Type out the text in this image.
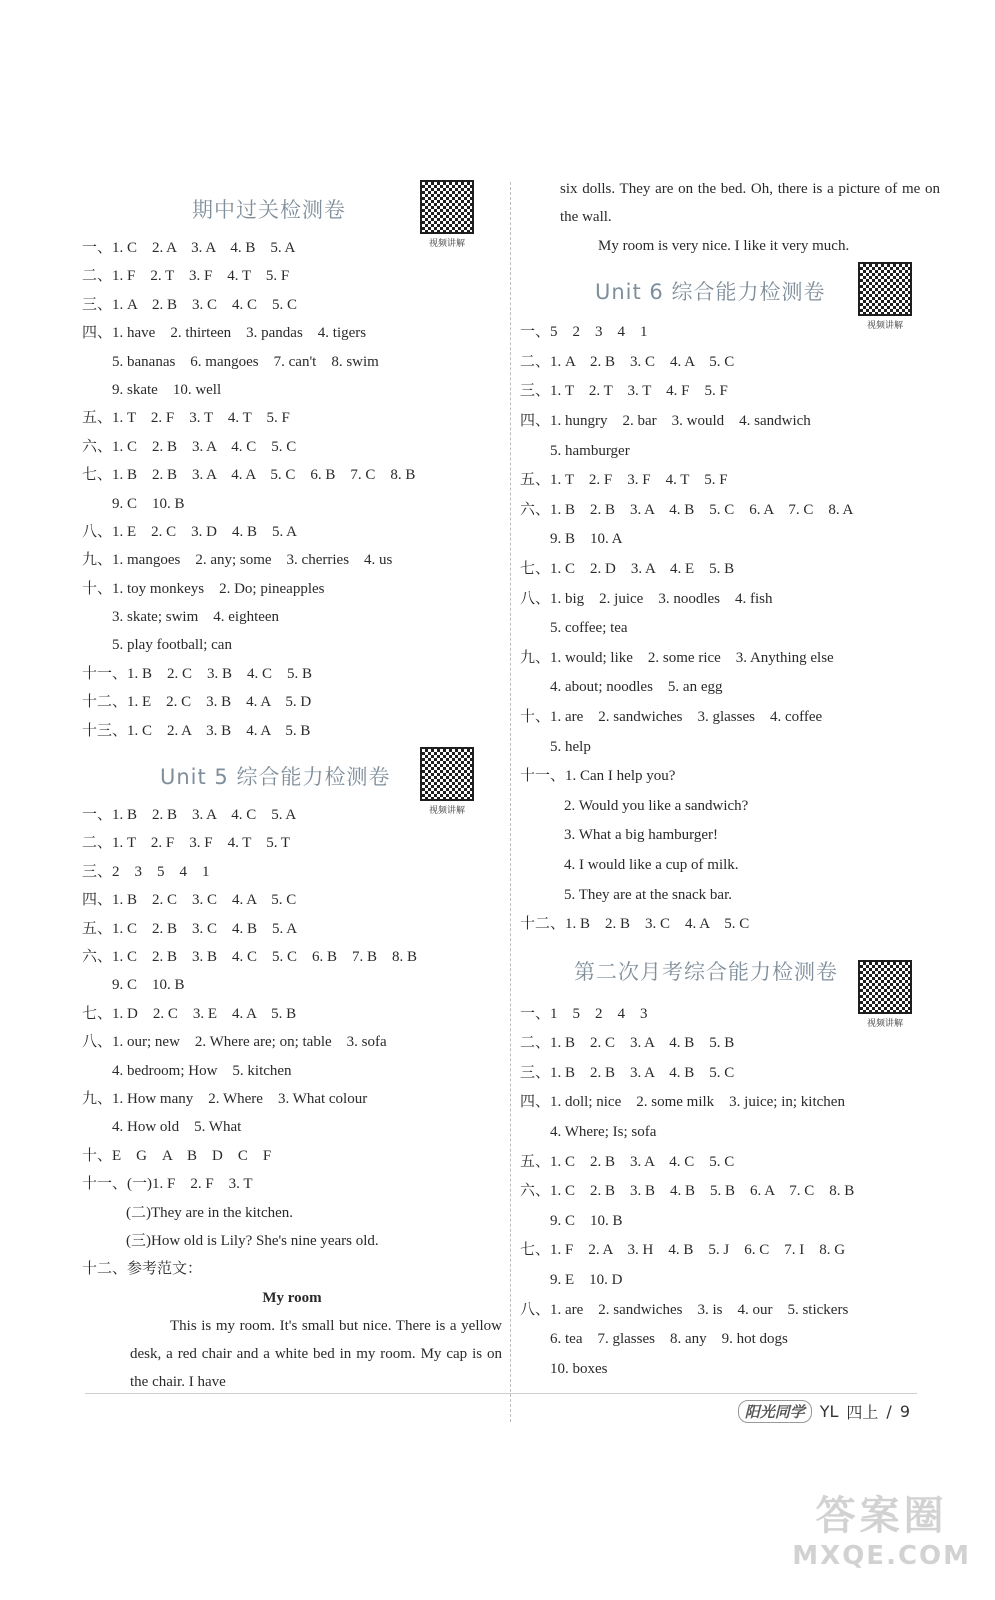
期中过关检测卷
视频讲解
一、1. C　2. A　3. A　4. B　5. A
二、1. F　2. T　3. F　4. T　5. F
三、1. A　2. B　3. C　4. C　5. C
四、1. have　2. thirteen　3. pandas　4. tigers
5. bananas　6. mangoes　7. can't　8. swim
9. skate　10. well
五、1. T　2. F　3. T　4. T　5. F
六、1. C　2. B　3. A　4. C　5. C
七、1. B　2. B　3. A　4. A　5. C　6. B　7. C　8. B
9. C　10. B
八、1. E　2. C　3. D　4. B　5. A
九、1. mangoes　2. any; some　3. cherries　4. us
十、1. toy monkeys　2. Do; pineapples
3. skate; swim　4. eighteen
5. play football; can
十一、1. B　2. C　3. B　4. C　5. B
十二、1. E　2. C　3. B　4. A　5. D
十三、1. C　2. A　3. B　4. A　5. B
Unit 5 综合能力检测卷
视频讲解
一、1. B　2. B　3. A　4. C　5. A
二、1. T　2. F　3. F　4. T　5. T
三、2　3　5　4　1
四、1. B　2. C　3. C　4. A　5. C
五、1. C　2. B　3. C　4. B　5. A
六、1. C　2. B　3. B　4. C　5. C　6. B　7. B　8. B
9. C　10. B
七、1. D　2. C　3. E　4. A　5. B
八、1. our; new　2. Where are; on; table　3. sofa
4. bedroom; How　5. kitchen
九、1. How many　2. Where　3. What colour
4. How old　5. What
十、E　G　A　B　D　C　F
十一、(一)1. F　2. F　3. T
(二)They are in the kitchen.
(三)How old is Lily? She's nine years old.
十二、参考范文：
My room

This is my room. It's small but nice. There is a yellow desk, a red chair and a white bed in my room. My cap is on the chair. I have

six dolls. They are on the bed. Oh, there is a picture of me on the wall.

My room is very nice. I like it very much.

Unit 6 综合能力检测卷
视频讲解
一、5　2　3　4　1
二、1. A　2. B　3. C　4. A　5. C
三、1. T　2. T　3. T　4. F　5. F
四、1. hungry　2. bar　3. would　4. sandwich
5. hamburger
五、1. T　2. F　3. F　4. T　5. F
六、1. B　2. B　3. A　4. B　5. C　6. A　7. C　8. A
9. B　10. A
七、1. C　2. D　3. A　4. E　5. B
八、1. big　2. juice　3. noodles　4. fish
5. coffee; tea
九、1. would; like　2. some rice　3. Anything else
4. about; noodles　5. an egg
十、1. are　2. sandwiches　3. glasses　4. coffee
5. help
十一、1. Can I help you?
2. Would you like a sandwich?
3. What a big hamburger!
4. I would like a cup of milk.
5. They are at the snack bar.
十二、1. B　2. B　3. C　4. A　5. C
第二次月考综合能力检测卷
视频讲解
一、1　5　2　4　3
二、1. B　2. C　3. A　4. B　5. B
三、1. B　2. B　3. A　4. B　5. C
四、1. doll; nice　2. some milk　3. juice; in; kitchen
4. Where; Is; sofa
五、1. C　2. B　3. A　4. C　5. C
六、1. C　2. B　3. B　4. B　5. B　6. A　7. C　8. B
9. C　10. B
七、1. F　2. A　3. H　4. B　5. J　6. C　7. I　8. G
9. E　10. D
八、1. are　2. sandwiches　3. is　4. our　5. stickers
6. tea　7. glasses　8. any　9. hot dogs
10. boxes
阳光同学 YL 四上 / 9
答案圈
MXQE.COM
